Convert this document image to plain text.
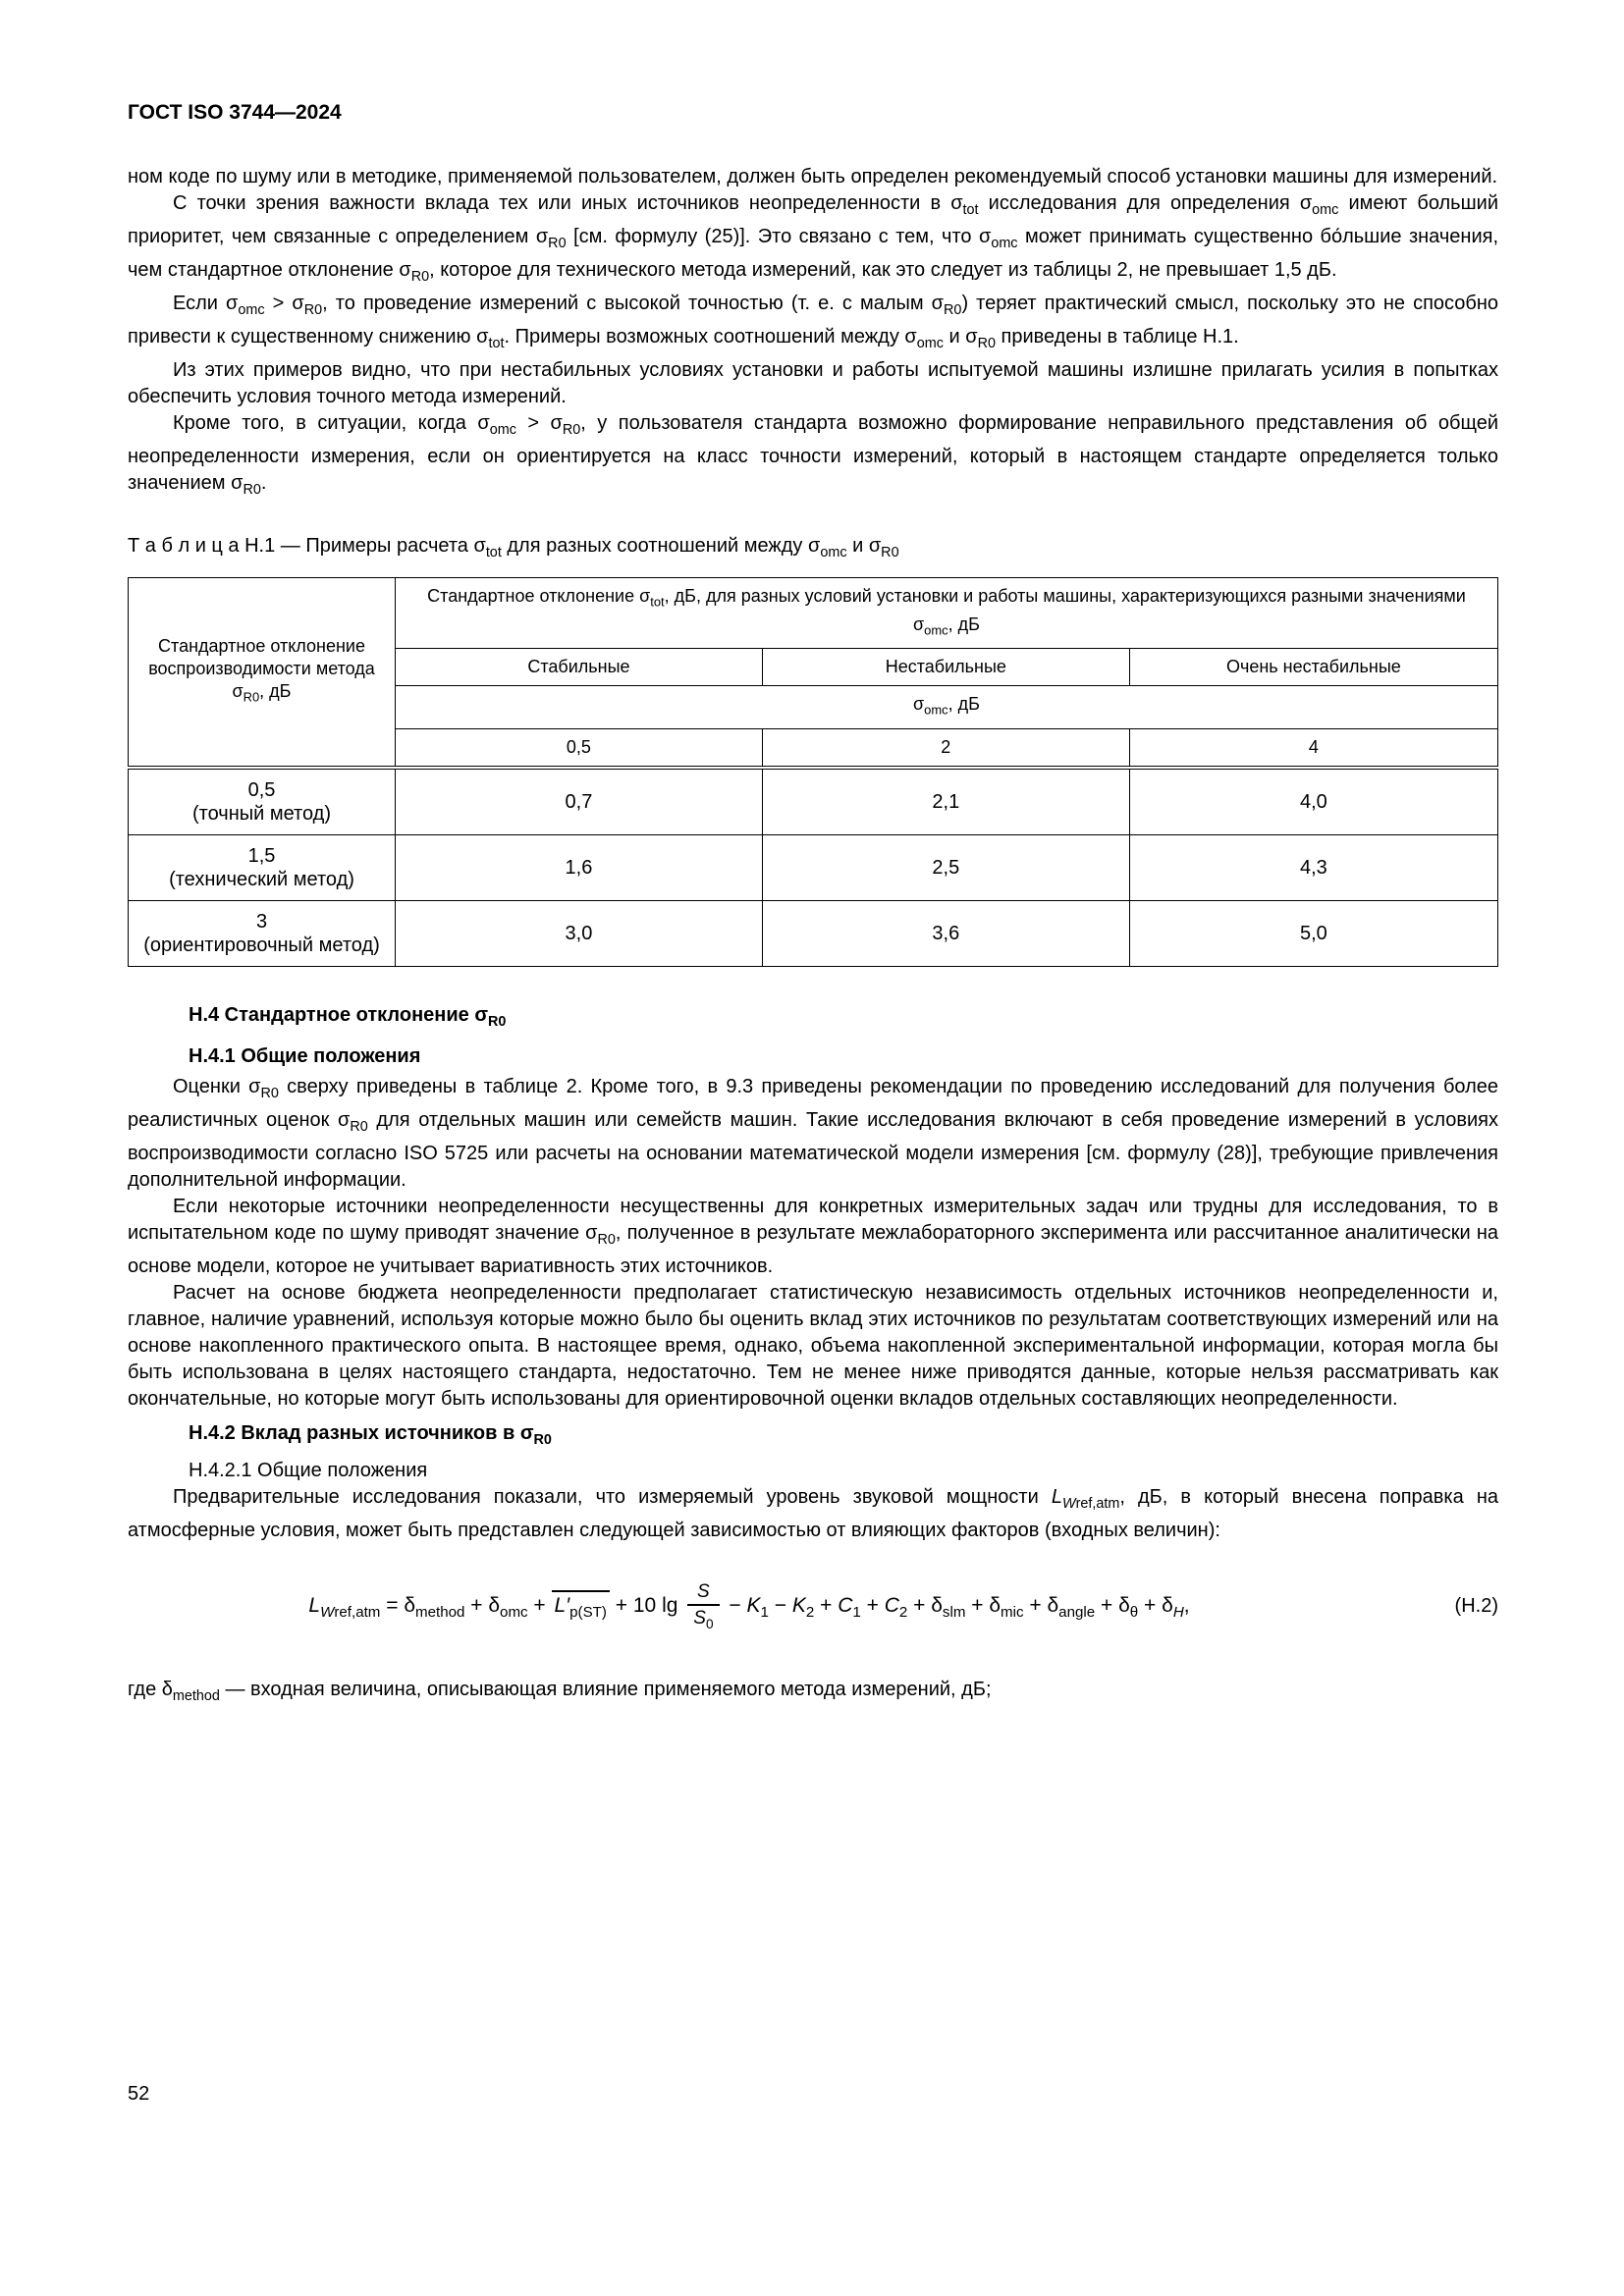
ГОСТ ISO 3744—2024

ном коде по шуму или в методике, применяемой пользователем, должен быть определен рекомендуемый способ установки машины для измерений.

С точки зрения важности вклада тех или иных источников неопределенности в $\sigma_{tot}$ исследования для определения $\sigma_{omc}$ имеют больший приоритет, чем связанные с определением $\sigma_{R0}$ [см. формулу (25)]. Это связано с тем, что $\sigma_{omc}$ может принимать существенно бо́льшие значения, чем стандартное отклонение $\sigma_{R0}$, которое для технического метода измерений, как это следует из таблицы 2, не превышает 1,5 дБ.

Если $\sigma_{omc} > \sigma_{R0}$, то проведение измерений с высокой точностью (т. е. с малым $\sigma_{R0}$) теряет практический смысл, поскольку это не способно привести к существенному снижению $\sigma_{tot}$. Примеры возможных соотношений между $\sigma_{omc}$ и $\sigma_{R0}$ приведены в таблице Н.1.

Из этих примеров видно, что при нестабильных условиях установки и работы испытуемой машины излишне прилагать усилия в попытках обеспечить условия точного метода измерений.

Кроме того, в ситуации, когда $\sigma_{omc} > \sigma_{R0}$, у пользователя стандарта возможно формирование неправильного представления об общей неопределенности измерения, если он ориентируется на класс точности измерений, который в настоящем стандарте определяется только значением $\sigma_{R0}$.

Т а б л и ц а Н.1 — Примеры расчета $\sigma_{tot}$ для разных соотношений между $\sigma_{omc}$ и $\sigma_{R0}$
Стандартное отклонение воспроизводимости метода $\sigma_{R0}$, дБ	Стандартное отклонение $\sigma_{tot}$, дБ, для разных условий установки и работы машины, характеризующихся разными значениями $\sigma_{omc}$, дБ		
	Стабильные	Нестабильные	Очень нестабильные
	$\sigma_{omc}$, дБ		
	0,5	2	4

0,5
(точный метод)	0,7	2,1	4,0

1,5
(технический метод)	1,6	2,5	4,3

3
(ориентировочный метод)	3,0	3,6	5,0
Н.4 Стандартное отклонение $\sigma_{R0}$
Н.4.1 Общие положения

Оценки $\sigma_{R0}$ сверху приведены в таблице 2. Кроме того, в 9.3 приведены рекомендации по проведению исследований для получения более реалистичных оценок $\sigma_{R0}$ для отдельных машин или семейств машин. Такие исследования включают в себя проведение измерений в условиях воспроизводимости согласно ISO 5725 или расчеты на основании математической модели измерения [см. формулу (28)], требующие привлечения дополнительной информации.

Если некоторые источники неопределенности несущественны для конкретных измерительных задач или трудны для исследования, то в испытательном коде по шуму приводят значение $\sigma_{R0}$, полученное в результате межлабораторного эксперимента или рассчитанное аналитически на основе модели, которое не учитывает вариативность этих источников.

Расчет на основе бюджета неопределенности предполагает статистическую независимость отдельных источников неопределенности и, главное, наличие уравнений, используя которые можно было бы оценить вклад этих источников по результатам соответствующих измерений или на основе накопленного практического опыта. В настоящее время, однако, объема накопленной экспериментальной информации, которая могла бы быть использована в целях настоящего стандарта, недостаточно. Тем не менее ниже приводятся данные, которые нельзя рассматривать как окончательные, но которые могут быть использованы для ориентировочной оценки вкладов отдельных составляющих неопределенности.

Н.4.2 Вклад разных источников в $\sigma_{R0}$
Н.4.2.1 Общие положения

Предварительные исследования показали, что измеряемый уровень звуковой мощности $L_{Wref,atm}$, дБ, в который внесена поправка на атмосферные условия, может быть представлен следующей зависимостью от влияющих факторов (входных величин):

$L_{Wref,atm} = \delta_{method} + \delta_{omc} + L'_{p(ST)} + 10$ $\lg \frac{S}{S_0} - K_1 - K_2 + C_1 + C_2 + \delta_{slm} + \delta_{mic} + \delta_{angle} + \delta_\theta + \delta_H$,	(Н.2)

где $\delta_{method}$ — входная величина, описывающая влияние применяемого метода измерений, дБ;

52
